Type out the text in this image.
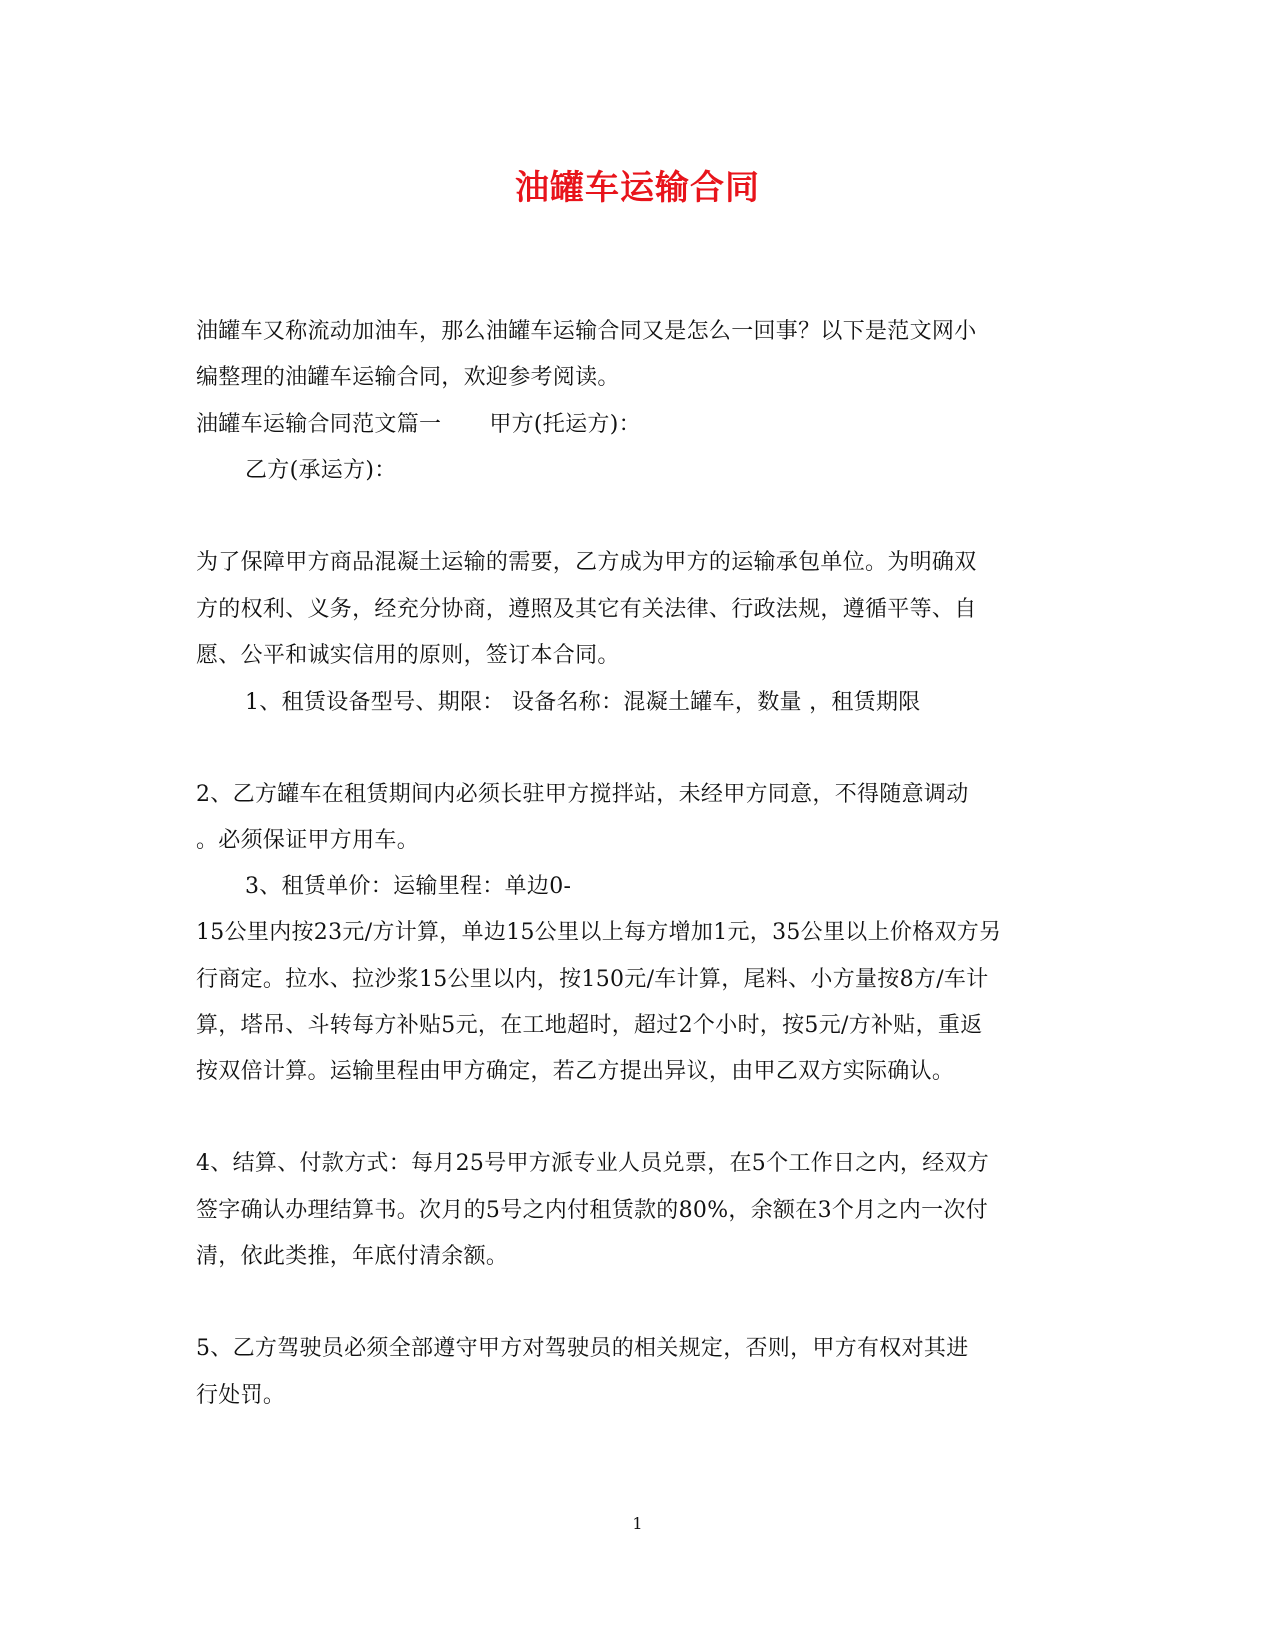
油罐车运输合同
油罐车又称流动加油车，那么油罐车运输合同又是怎么一回事？以下是范文网小
编整理的油罐车运输合同，欢迎参考阅读。
油罐车运输合同范文篇一 甲方(托运方)：
乙方(承运方)：
为了保障甲方商品混凝土运输的需要，乙方成为甲方的运输承包单位。为明确双
方的权利、义务，经充分协商，遵照及其它有关法律、行政法规，遵循平等、自
愿、公平和诚实信用的原则，签订本合同。
1、租赁设备型号、期限： 设备名称：混凝土罐车，数量 ，租赁期限
2、乙方罐车在租赁期间内必须长驻甲方搅拌站，未经甲方同意，不得随意调动
。必须保证甲方用车。
3、租赁单价：运输里程：单边0-
15公里内按23元/方计算，单边15公里以上每方增加1元，35公里以上价格双方另
行商定。拉水、拉沙浆15公里以内，按150元/车计算，尾料、小方量按8方/车计
算，塔吊、斗转每方补贴5元，在工地超时，超过2个小时，按5元/方补贴，重返
按双倍计算。运输里程由甲方确定，若乙方提出异议，由甲乙双方实际确认。
4、结算、付款方式：每月25号甲方派专业人员兑票，在5个工作日之内，经双方
签字确认办理结算书。次月的5号之内付租赁款的80%，余额在3个月之内一次付
清，依此类推，年底付清余额。
5、乙方驾驶员必须全部遵守甲方对驾驶员的相关规定，否则，甲方有权对其进
行处罚。
1
